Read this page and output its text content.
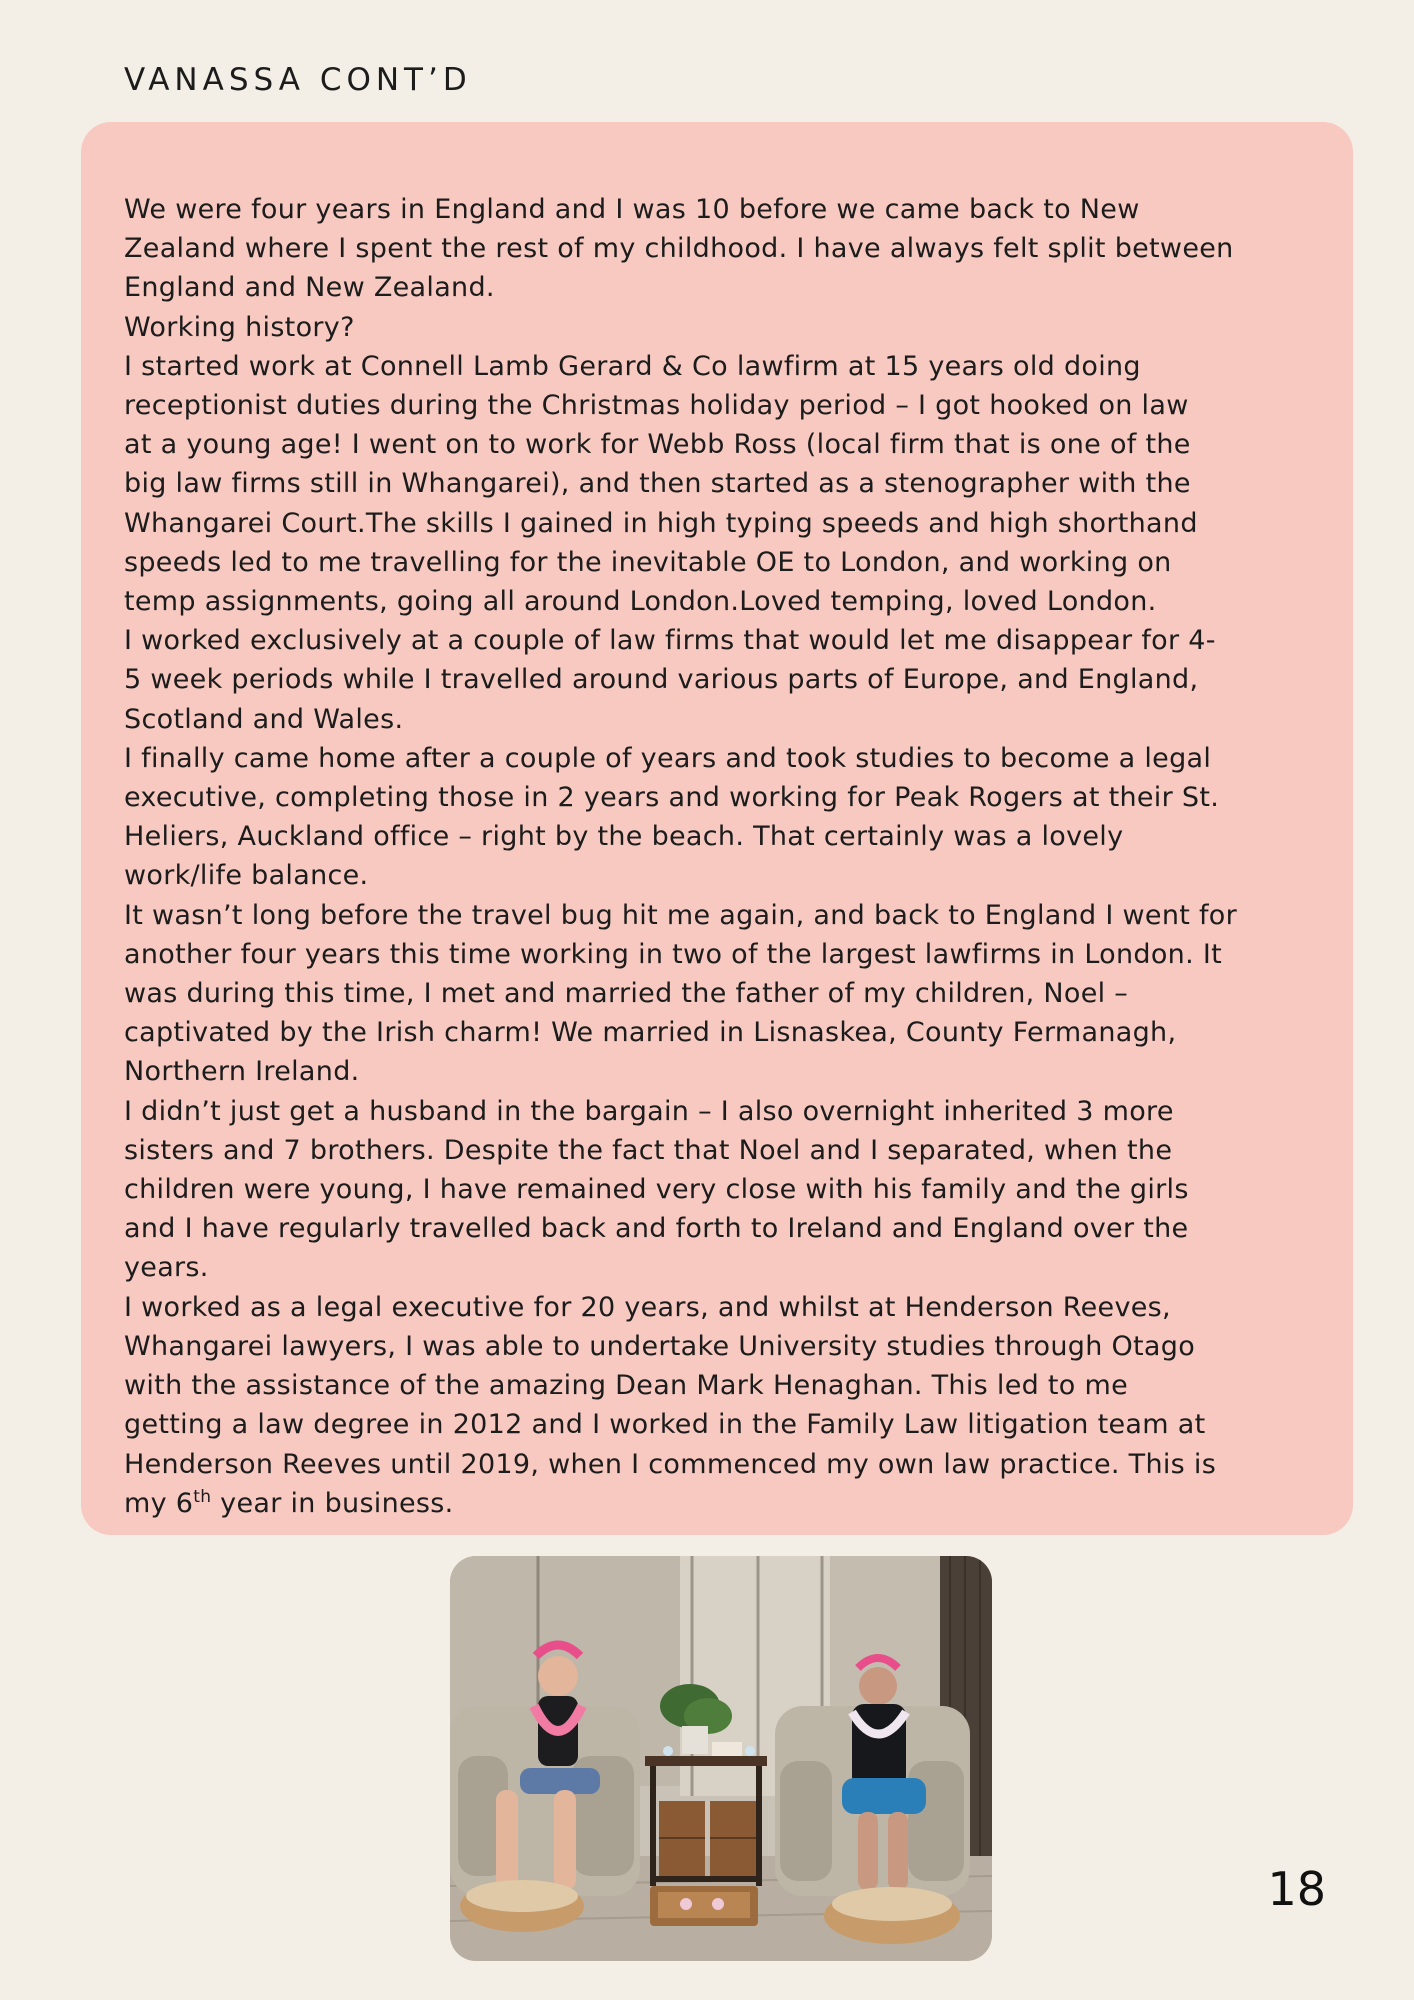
VANASSA CONT’D

We were four years in England and I was 10 before we came back to New
Zealand where I spent the rest of my childhood. I have always felt split between
England and New Zealand.

Working history?

I started work at Connell Lamb Gerard & Co lawfirm at 15 years old doing
receptionist duties during the Christmas holiday period – I got hooked on law
at a young age! I went on to work for Webb Ross (local firm that is one of the
big law firms still in Whangarei), and then started as a stenographer with the
Whangarei Court.The skills I gained in high typing speeds and high shorthand
speeds led to me travelling for the inevitable OE to London, and working on
temp assignments, going all around London.Loved temping, loved London.

I worked exclusively at a couple of law firms that would let me disappear for 4-
5 week periods while I travelled around various parts of Europe, and England,
Scotland and Wales.

I finally came home after a couple of years and took studies to become a legal
executive, completing those in 2 years and working for Peak Rogers at their St.
Heliers, Auckland office – right by the beach. That certainly was a lovely
work/life balance.

It wasn’t long before the travel bug hit me again, and back to England I went for
another four years this time working in two of the largest lawfirms in London. It
was during this time, I met and married the father of my children, Noel –
captivated by the Irish charm! We married in Lisnaskea, County Fermanagh,
Northern Ireland.

I didn’t just get a husband in the bargain – I also overnight inherited 3 more
sisters and 7 brothers. Despite the fact that Noel and I separated, when the
children were young, I have remained very close with his family and the girls
and I have regularly travelled back and forth to Ireland and England over the
years.

I worked as a legal executive for 20 years, and whilst at Henderson Reeves,
Whangarei lawyers, I was able to undertake University studies through Otago
with the assistance of the amazing Dean Mark Henaghan. This led to me
getting a law degree in 2012 and I worked in the Family Law litigation team at
Henderson Reeves until 2019, when I commenced my own law practice. This is

my 6th year in business.

18
